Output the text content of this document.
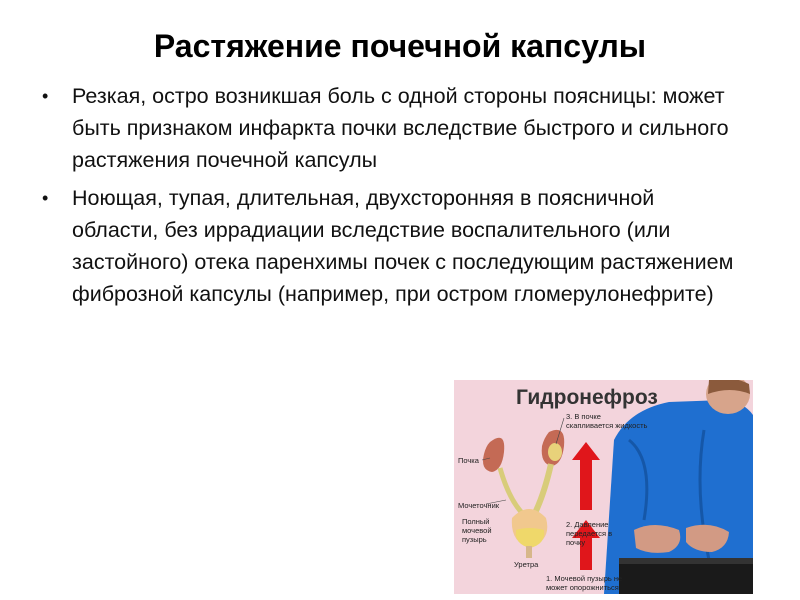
Растяжение почечной капсулы
• Резкая, остро возникшая боль с одной стороны поясницы: может быть признаком инфаркта почки вследствие быстрого и сильного растяжения почечной капсулы
• Ноющая, тупая, длительная, двухсторонняя в поясничной области, без иррадиации вследствие воспалительного (или застойного) отека паренхимы почек с последующим растяжением фиброзной капсулы (например, при остром гломерулонефрите)
Гидронефроз
Почка
Мочеточник
Полный мочевой пузырь
Уретра
3. В почке скапливается жидкость
2. Давление передается в почку
1. Мочевой пузырь не может опорожниться
